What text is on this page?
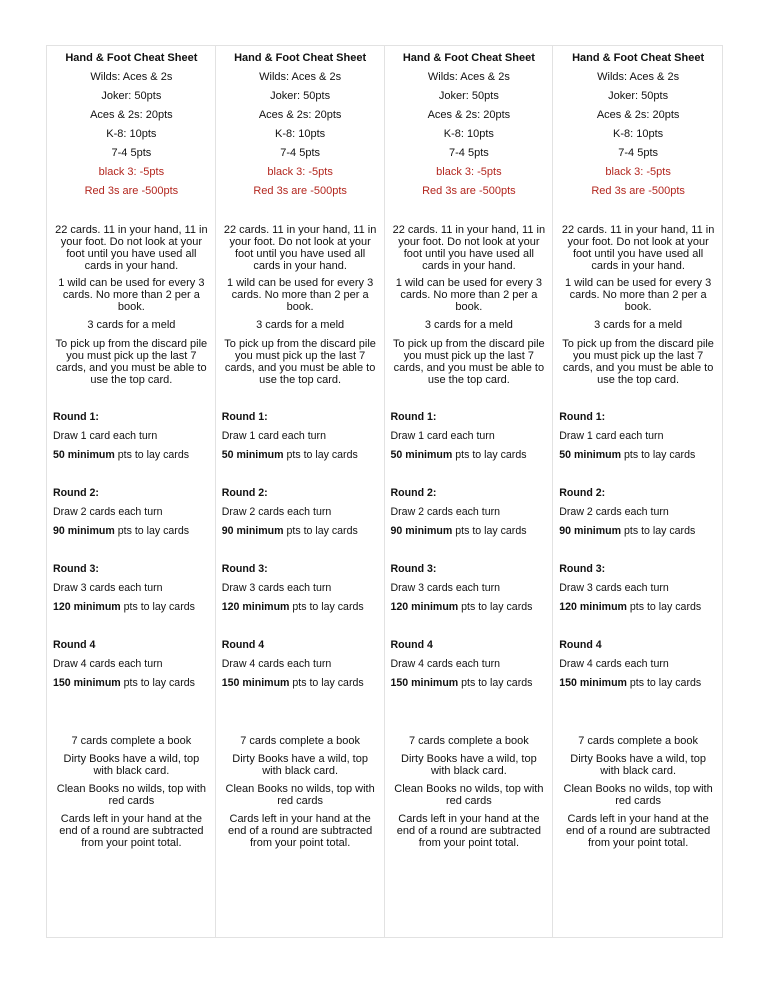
Hand & Foot Cheat Sheet
Wilds: Aces & 2s
Joker: 50pts
Aces & 2s: 20pts
K-8: 10pts
7-4 5pts
black 3: -5pts
Red 3s are -500pts
22 cards. 11 in your hand, 11 in your foot. Do not look at your foot until you have used all cards in your hand.
1 wild can be used for every 3 cards. No more than 2 per a book.
3 cards for a meld
To pick up from the discard pile you must pick up the last 7 cards, and you must be able to use the top card.
Round 1:
Draw 1 card each turn
50 minimum pts to lay cards
Round 2:
Draw 2 cards each turn
90 minimum pts to lay cards
Round 3:
Draw 3 cards each turn
120 minimum pts to lay cards
Round 4
Draw 4 cards each turn
150 minimum pts to lay cards
7 cards complete a book
Dirty Books have a wild, top with black card.
Clean Books no wilds, top with red cards
Cards left in your hand at the end of a round are subtracted from your point total.
Hand & Foot Cheat Sheet
Wilds: Aces & 2s
Joker: 50pts
Aces & 2s: 20pts
K-8: 10pts
7-4 5pts
black 3: -5pts
Red 3s are -500pts
22 cards. 11 in your hand, 11 in your foot. Do not look at your foot until you have used all cards in your hand.
1 wild can be used for every 3 cards. No more than 2 per a book.
3 cards for a meld
To pick up from the discard pile you must pick up the last 7 cards, and you must be able to use the top card.
Round 1:
Draw 1 card each turn
50 minimum pts to lay cards
Round 2:
Draw 2 cards each turn
90 minimum pts to lay cards
Round 3:
Draw 3 cards each turn
120 minimum pts to lay cards
Round 4
Draw 4 cards each turn
150 minimum pts to lay cards
7 cards complete a book
Dirty Books have a wild, top with black card.
Clean Books no wilds, top with red cards
Cards left in your hand at the end of a round are subtracted from your point total.
Hand & Foot Cheat Sheet
Wilds: Aces & 2s
Joker: 50pts
Aces & 2s: 20pts
K-8: 10pts
7-4 5pts
black 3: -5pts
Red 3s are -500pts
22 cards. 11 in your hand, 11 in your foot. Do not look at your foot until you have used all cards in your hand.
1 wild can be used for every 3 cards. No more than 2 per a book.
3 cards for a meld
To pick up from the discard pile you must pick up the last 7 cards, and you must be able to use the top card.
Round 1:
Draw 1 card each turn
50 minimum pts to lay cards
Round 2:
Draw 2 cards each turn
90 minimum pts to lay cards
Round 3:
Draw 3 cards each turn
120 minimum pts to lay cards
Round 4
Draw 4 cards each turn
150 minimum pts to lay cards
7 cards complete a book
Dirty Books have a wild, top with black card.
Clean Books no wilds, top with red cards
Cards left in your hand at the end of a round are subtracted from your point total.
Hand & Foot Cheat Sheet
Wilds: Aces & 2s
Joker: 50pts
Aces & 2s: 20pts
K-8: 10pts
7-4 5pts
black 3: -5pts
Red 3s are -500pts
22 cards. 11 in your hand, 11 in your foot. Do not look at your foot until you have used all cards in your hand.
1 wild can be used for every 3 cards. No more than 2 per a book.
3 cards for a meld
To pick up from the discard pile you must pick up the last 7 cards, and you must be able to use the top card.
Round 1:
Draw 1 card each turn
50 minimum pts to lay cards
Round 2:
Draw 2 cards each turn
90 minimum pts to lay cards
Round 3:
Draw 3 cards each turn
120 minimum pts to lay cards
Round 4
Draw 4 cards each turn
150 minimum pts to lay cards
7 cards complete a book
Dirty Books have a wild, top with black card.
Clean Books no wilds, top with red cards
Cards left in your hand at the end of a round are subtracted from your point total.
